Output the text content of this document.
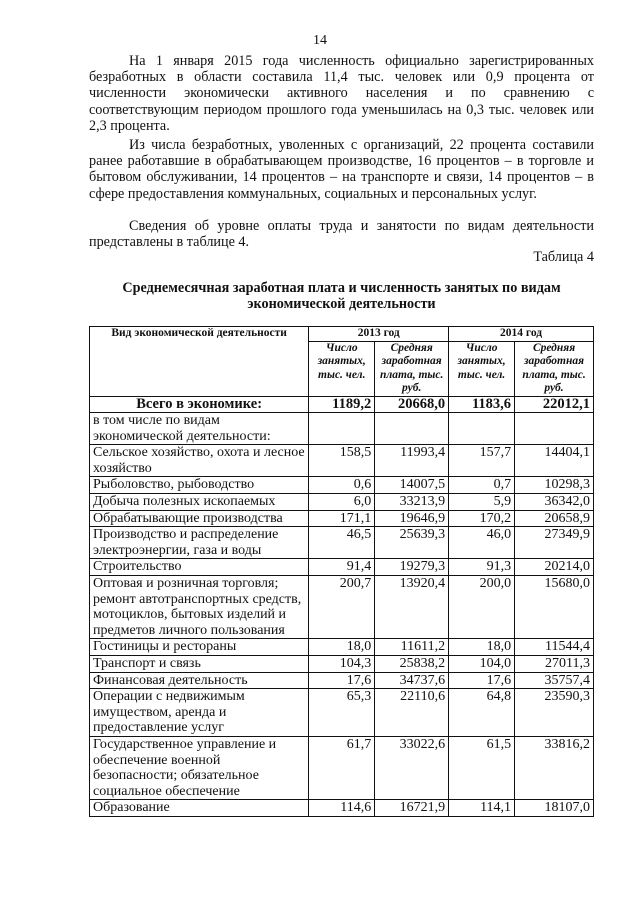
14

На 1 января 2015 года численность официально зарегистрированных безработных в области составила 11,4 тыс. человек или 0,9 процента от численности экономически активного населения и по сравнению с соответствующим периодом прошлого года уменьшилась на 0,3 тыс. человек или 2,3 процента.

Из числа безработных, уволенных с организаций, 22 процента составили ранее работавшие в обрабатывающем производстве, 16 процентов – в торговле и бытовом обслуживании, 14 процентов – на транспорте и связи, 14 процентов – в сфере предоставления коммунальных, социальных и персональных услуг.

Сведения об уровне оплаты труда и занятости по видам деятельности представлены в таблице 4.

Таблица 4
Среднемесячная заработная плата и численность занятых по видам экономической деятельности
Вид экономической деятельности	2013 год		2014 год	
	Число занятых, тыс. чел.	Средняя заработная плата, тыс. руб.	Число занятых, тыс. чел.	Средняя заработная плата, тыс. руб.
Всего в экономике:	1189,2	20668,0	1183,6	22012,1
в том числе по видам экономической деятельности:				
Сельское хозяйство, охота и лесное хозяйство	158,5	11993,4	157,7	14404,1
Рыболовство, рыбоводство	0,6	14007,5	0,7	10298,3
Добыча полезных ископаемых	6,0	33213,9	5,9	36342,0
Обрабатывающие производства	171,1	19646,9	170,2	20658,9
Производство и распределение электроэнергии, газа и воды	46,5	25639,3	46,0	27349,9
Строительство	91,4	19279,3	91,3	20214,0
Оптовая и розничная торговля; ремонт автотранспортных средств, мотоциклов, бытовых изделий и предметов личного пользования	200,7	13920,4	200,0	15680,0
Гостиницы и рестораны	18,0	11611,2	18,0	11544,4
Транспорт и связь	104,3	25838,2	104,0	27011,3
Финансовая деятельность	17,6	34737,6	17,6	35757,4
Операции с недвижимым имуществом, аренда и предоставление услуг	65,3	22110,6	64,8	23590,3
Государственное управление и обеспечение военной безопасности; обязательное социальное обеспечение	61,7	33022,6	61,5	33816,2
Образование	114,6	16721,9	114,1	18107,0
